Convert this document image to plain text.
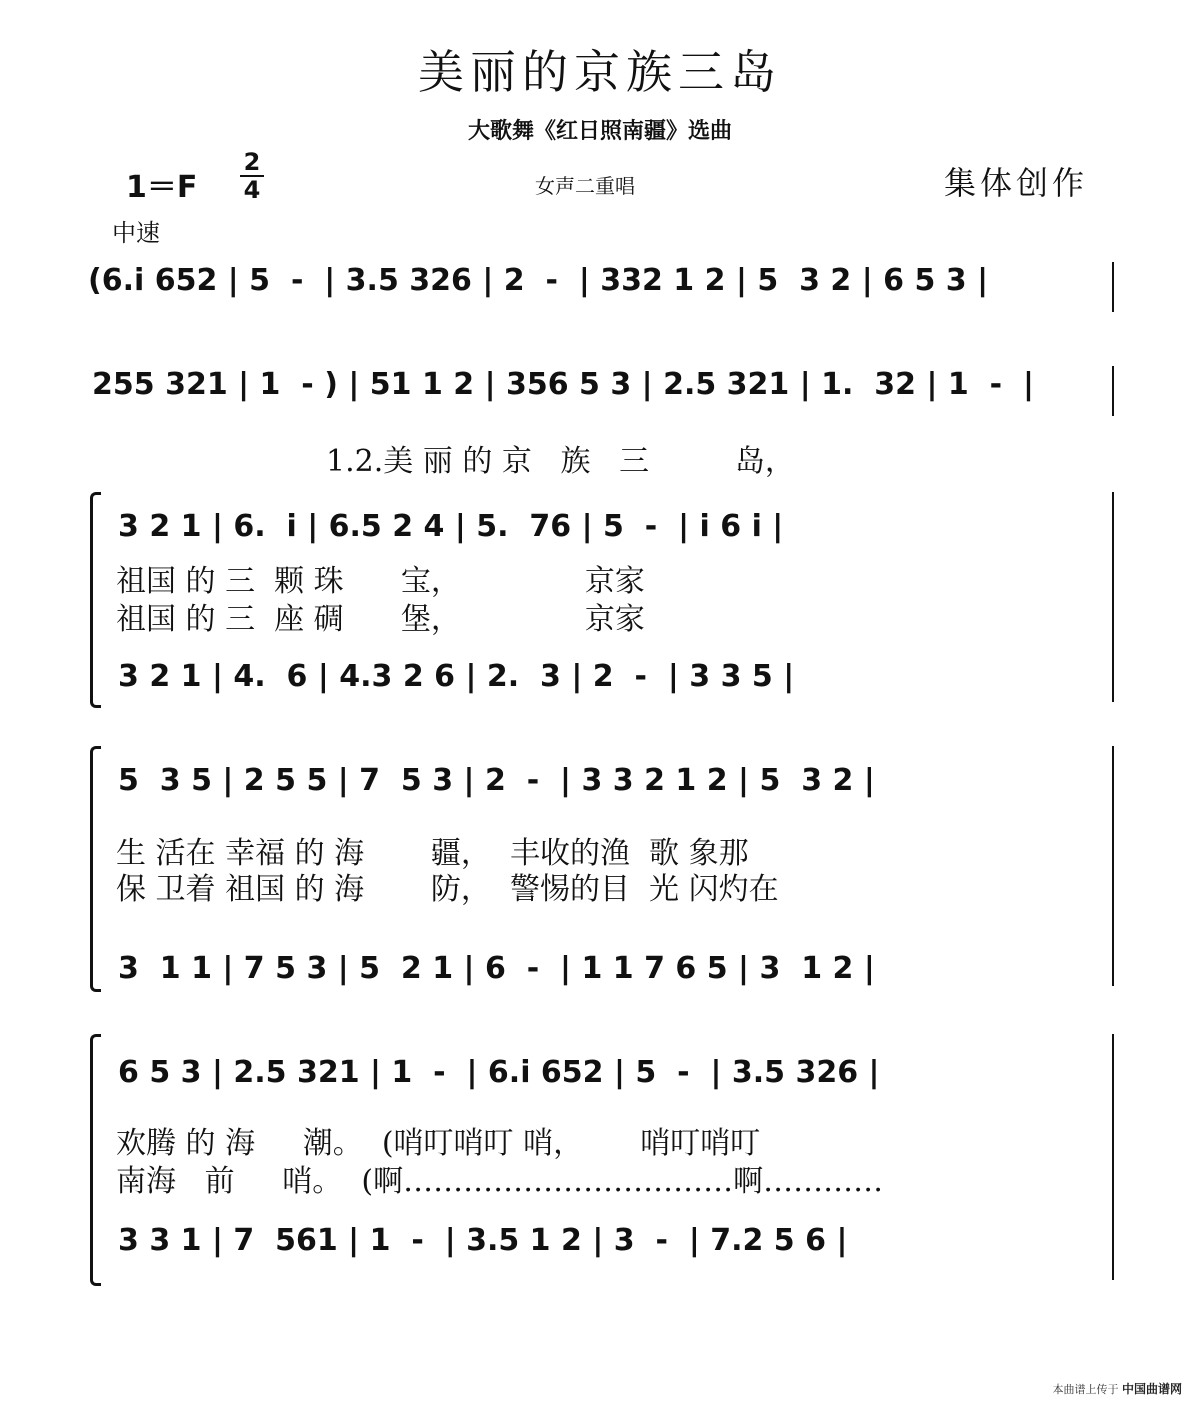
美丽的京族三岛
大歌舞《红日照南疆》选曲
1＝F
2
4	女声二重唱	集体创作
中速
(6.i 652 | 5  -  | 3.5 326 | 2  -  | 332 1 2 | 5  3 2 | 6 5 3 |
255 321 | 1  - ) | 51 1 2 | 356 5 3 | 2.5 321 | 1.  32 | 1  -  |
1.2.美 丽 的 京   族   三         岛，
3 2 1 | 6.  i | 6.5 2 4 | 5.  76 | 5  -  | i 6 i |
祖国 的 三  颗 珠      宝，             京家
祖国 的 三  座 碉      堡，             京家
3 2 1 | 4.  6 | 4.3 2 6 | 2.  3 | 2  -  | 3 3 5 |
5  3 5 | 2 5 5 | 7  5 3 | 2  -  | 3 3 2 1 2 | 5  3 2 |
生 活在 幸福 的 海       疆，  丰收的渔  歌 象那
保 卫着 祖国 的 海       防，  警惕的目  光 闪灼在
3  1 1 | 7 5 3 | 5  2 1 | 6  -  | 1 1 7 6 5 | 3  1 2 |
6 5 3 | 2.5 321 | 1  -  | 6.i 652 | 5  -  | 3.5 326 |
欢腾 的 海     潮。  (哨叮哨叮 哨，      哨叮哨叮
南海   前     哨。  (啊……………………………啊…………
3 3 1 | 7  561 | 1  -  | 3.5 1 2 | 3  -  | 7.2 5 6 |
本曲谱上传于 中国曲谱网
